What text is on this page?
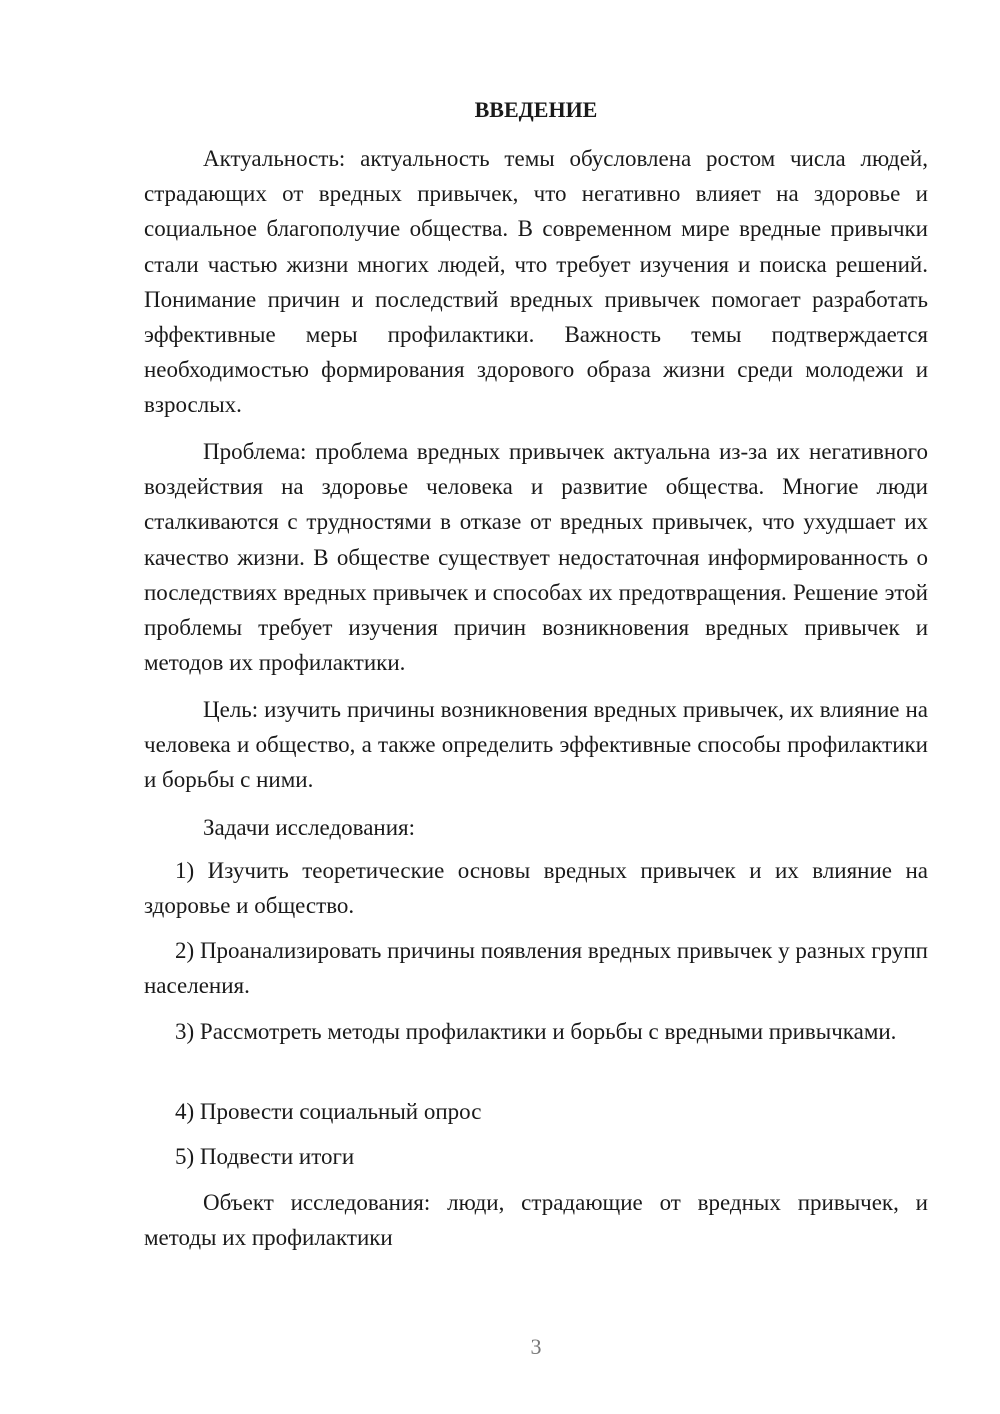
ВВЕДЕНИЕ

Актуальность: актуальность темы обусловлена ростом числа людей, страдающих от вредных привычек, что негативно влияет на здоровье и социальное благополучие общества. В современном мире вредные привычки стали частью жизни многих людей, что требует изучения и поиска решений. Понимание причин и последствий вредных привычек помогает разработать эффективные меры профилактики. Важность темы подтверждается необходимостью формирования здорового образа жизни среди молодежи и взрослых.

Проблема: проблема вредных привычек актуальна из-за их негативного воздействия на здоровье человека и развитие общества. Многие люди сталкиваются с трудностями в отказе от вредных привычек, что ухудшает их качество жизни. В обществе существует недостаточная информированность о последствиях вредных привычек и способах их предотвращения. Решение этой проблемы требует изучения причин возникновения вредных привычек и методов их профилактики.

Цель: изучить причины возникновения вредных привычек, их влияние на человека и общество, а также определить эффективные способы профилактики и борьбы с ними.

Задачи исследования:

1) Изучить теоретические основы вредных привычек и их влияние на здоровье и общество.

2) Проанализировать причины появления вредных привычек у разных групп населения.

3) Рассмотреть методы профилактики и борьбы с вредными привычками.

4) Провести социальный опрос

5) Подвести итоги

Объект исследования: люди, страдающие от вредных привычек, и методы их профилактики

3
